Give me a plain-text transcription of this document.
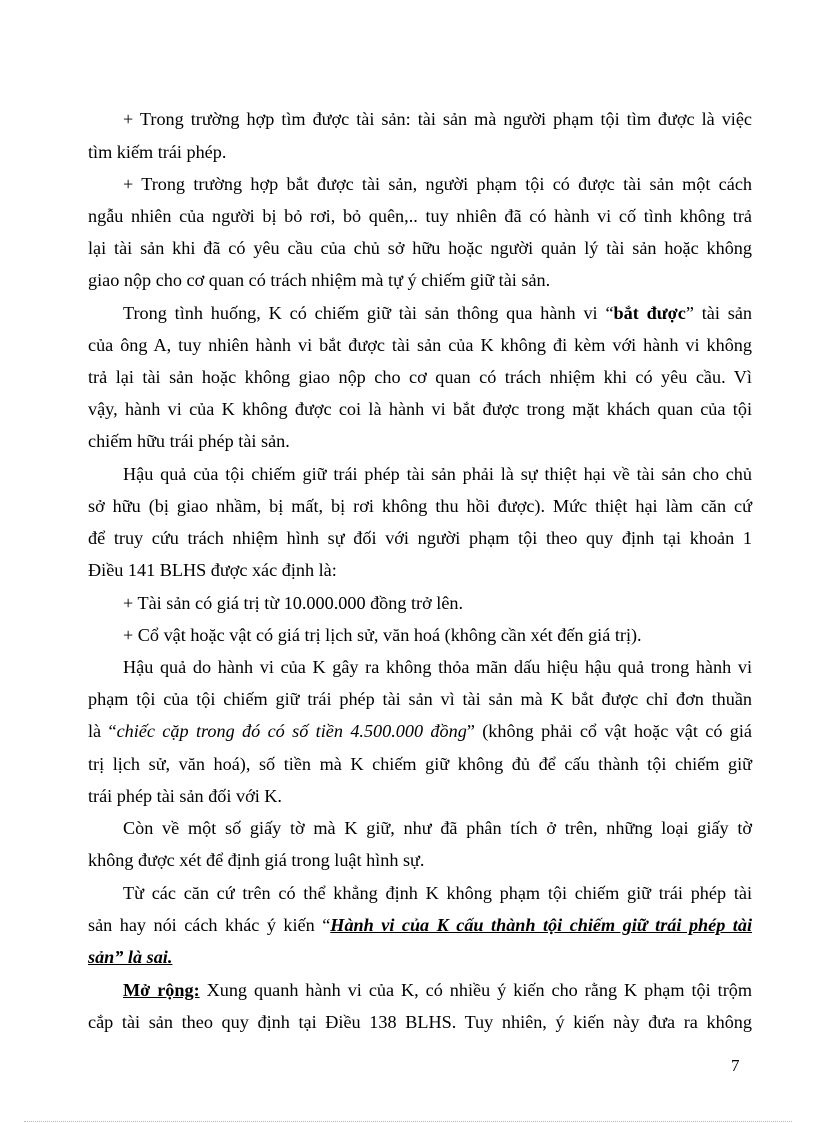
+ Trong trường hợp tìm được tài sản: tài sản mà người phạm tội tìm được là việc
tìm kiếm trái phép.
+ Trong trường hợp bắt được tài sản, người phạm tội có được tài sản một cách
ngẫu nhiên của người bị bỏ rơi, bỏ quên,.. tuy nhiên đã có hành vi cố tình không trả
lại tài sản khi đã có yêu cầu của chủ sở hữu hoặc người quản lý tài sản hoặc không
giao nộp cho cơ quan có trách nhiệm mà tự ý chiếm giữ tài sản.
Trong tình huống, K có chiếm giữ tài sản thông qua hành vi “bắt được” tài sản
của ông A, tuy nhiên hành vi bắt được tài sản của K không đi kèm với hành vi không
trả lại tài sản hoặc không giao nộp cho cơ quan có trách nhiệm khi có yêu cầu. Vì
vậy, hành vi của K không được coi là hành vi bắt được trong mặt khách quan của tội
chiếm hữu trái phép tài sản.
Hậu quả của tội chiếm giữ trái phép tài sản phải là sự thiệt hại về tài sản cho chủ
sở hữu (bị giao nhầm, bị mất, bị rơi không thu hồi được). Mức thiệt hại làm căn cứ
để truy cứu trách nhiệm hình sự đối với người phạm tội theo quy định tại khoản 1
Điều 141 BLHS được xác định là:
+ Tài sản có giá trị từ 10.000.000 đồng trở lên.
+ Cổ vật hoặc vật có giá trị lịch sử, văn hoá (không cần xét đến giá trị).
Hậu quả do hành vi của K gây ra không thỏa mãn dấu hiệu hậu quả trong hành vi
phạm tội của tội chiếm giữ trái phép tài sản vì tài sản mà K bắt được chỉ đơn thuần
là “chiếc cặp trong đó có số tiền 4.500.000 đồng” (không phải cổ vật hoặc vật có giá
trị lịch sử, văn hoá), số tiền mà K chiếm giữ không đủ để cấu thành tội chiếm giữ
trái phép tài sản đối với K.
Còn về một số giấy tờ mà K giữ, như đã phân tích ở trên, những loại giấy tờ
không được xét để định giá trong luật hình sự.
Từ các căn cứ trên có thể khẳng định K không phạm tội chiếm giữ trái phép tài
sản hay nói cách khác ý kiến “Hành vi của K cấu thành tội chiếm giữ trái phép tài
sản” là sai.
Mở rộng: Xung quanh hành vi của K, có nhiều ý kiến cho rằng K phạm tội trộm
cắp tài sản theo quy định tại Điều 138 BLHS. Tuy nhiên, ý kiến này đưa ra không
7
